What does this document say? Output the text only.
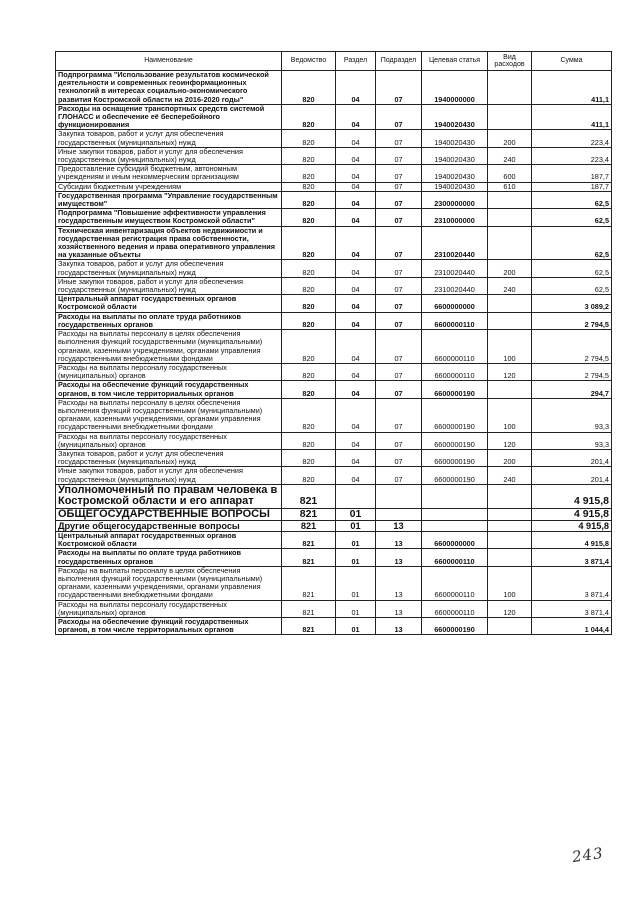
Наименование	Ведомство	Раздел	Подраздел	Целевая статья	Вид расходов	Сумма
Подпрограмма "Использование результатов космической деятельности и современных геоинформационных технологий в интересах социально-экономического развития Костромской области на 2016-2020 годы"	820	04	07	1940000000		411,1
Расходы на оснащение транспортных средств системой ГЛОНАСС и обеспечение её бесперебойного функционирования	820	04	07	1940020430		411,1
Закупка товаров, работ и услуг для обеспечения государственных (муниципальных) нужд	820	04	07	1940020430	200	223,4
Иные закупки товаров, работ и услуг для обеспечения государственных (муниципальных) нужд	820	04	07	1940020430	240	223,4
Предоставление субсидий бюджетным, автономным учреждениям и иным некоммерческим организациям	820	04	07	1940020430	600	187,7
Субсидии бюджетным учреждениям	820	04	07	1940020430	610	187,7
Государственная программа "Управление государственным имуществом"	820	04	07	2300000000		62,5
Подпрограмма "Повышение эффективности управления государственным имуществом Костромской области"	820	04	07	2310000000		62,5
Техническая инвентаризация объектов недвижимости и государственная регистрация права собственности, хозяйственного ведения и права оперативного управления на указанные объекты	820	04	07	2310020440		62,5
Закупка товаров, работ и услуг для обеспечения государственных (муниципальных) нужд	820	04	07	2310020440	200	62,5
Иные закупки товаров, работ и услуг для обеспечения государственных (муниципальных) нужд	820	04	07	2310020440	240	62,5
Центральный аппарат государственных органов Костромской области	820	04	07	6600000000		3 089,2
Расходы на выплаты по оплате труда работников государственных органов	820	04	07	6600000110		2 794,5
Расходы на выплаты персоналу в целях обеспечения выполнения функций государственными (муниципальными) органами, казенными учреждениями, органами управления государственными внебюджетными фондами	820	04	07	6600000110	100	2 794,5
Расходы на выплаты персоналу государственных (муниципальных) органов	820	04	07	6600000110	120	2 794,5
Расходы на обеспечение функций государственных органов, в том числе территориальных органов	820	04	07	6600000190		294,7
Расходы на выплаты персоналу в целях обеспечения выполнения функций государственными (муниципальными) органами, казенными учреждениями, органами управления государственными внебюджетными фондами	820	04	07	6600000190	100	93,3
Расходы на выплаты персоналу государственных (муниципальных) органов	820	04	07	6600000190	120	93,3
Закупка товаров, работ и услуг для обеспечения государственных (муниципальных) нужд	820	04	07	6600000190	200	201,4
Иные закупки товаров, работ и услуг для обеспечения государственных (муниципальных) нужд	820	04	07	6600000190	240	201,4
Уполномоченный по правам человека в Костромской области и его аппарат	821					4 915,8
ОБЩЕГОСУДАРСТВЕННЫЕ ВОПРОСЫ	821	01				4 915,8
Другие общегосударственные вопросы	821	01	13			4 915,8
Центральный аппарат государственных органов Костромской области	821	01	13	6600000000		4 915,8
Расходы на выплаты по оплате труда работников государственных органов	821	01	13	6600000110		3 871,4
Расходы на выплаты персоналу в целях обеспечения выполнения функций государственными (муниципальными) органами, казенными учреждениями, органами управления государственными внебюджетными фондами	821	01	13	6600000110	100	3 871,4
Расходы на выплаты персоналу государственных (муниципальных) органов	821	01	13	6600000110	120	3 871,4
Расходы на обеспечение функций государственных органов, в том числе территориальных органов	821	01	13	6600000190		1 044,4
243
